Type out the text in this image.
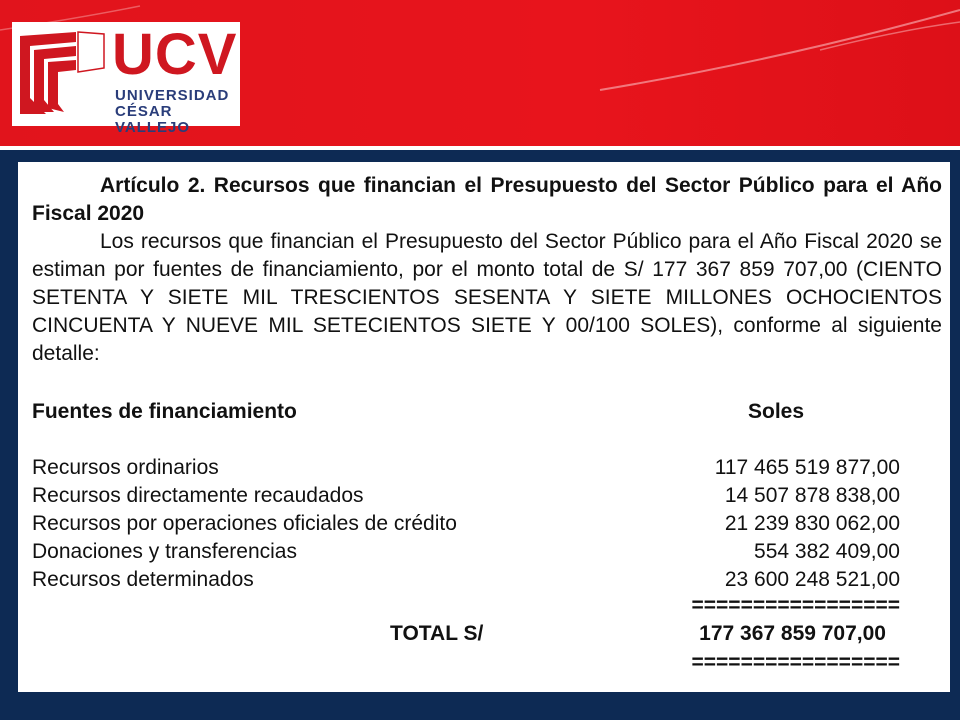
UCV
UNIVERSIDAD
CÉSAR VALLEJO
Artículo 2. Recursos que financian el Presupuesto del Sector Público para el Año Fiscal 2020
Los recursos que financian el Presupuesto del Sector Público para el Año Fiscal 2020 se estiman por fuentes de financiamiento, por el monto total de S/ 177 367 859 707,00 (CIENTO SETENTA Y SIETE MIL TRESCIENTOS SESENTA Y SIETE MILLONES OCHOCIENTOS CINCUENTA Y NUEVE MIL SETECIENTOS SIETE Y 00/100 SOLES), conforme al siguiente detalle:
Fuentes de financiamiento	Soles
Recursos ordinarios	117 465 519 877,00
Recursos directamente recaudados	14 507 878 838,00
Recursos por operaciones oficiales de crédito	21 239 830 062,00
Donaciones y transferencias	554 382 409,00
Recursos determinados	23 600 248 521,00
=================
TOTAL S/	177 367 859 707,00
=================
